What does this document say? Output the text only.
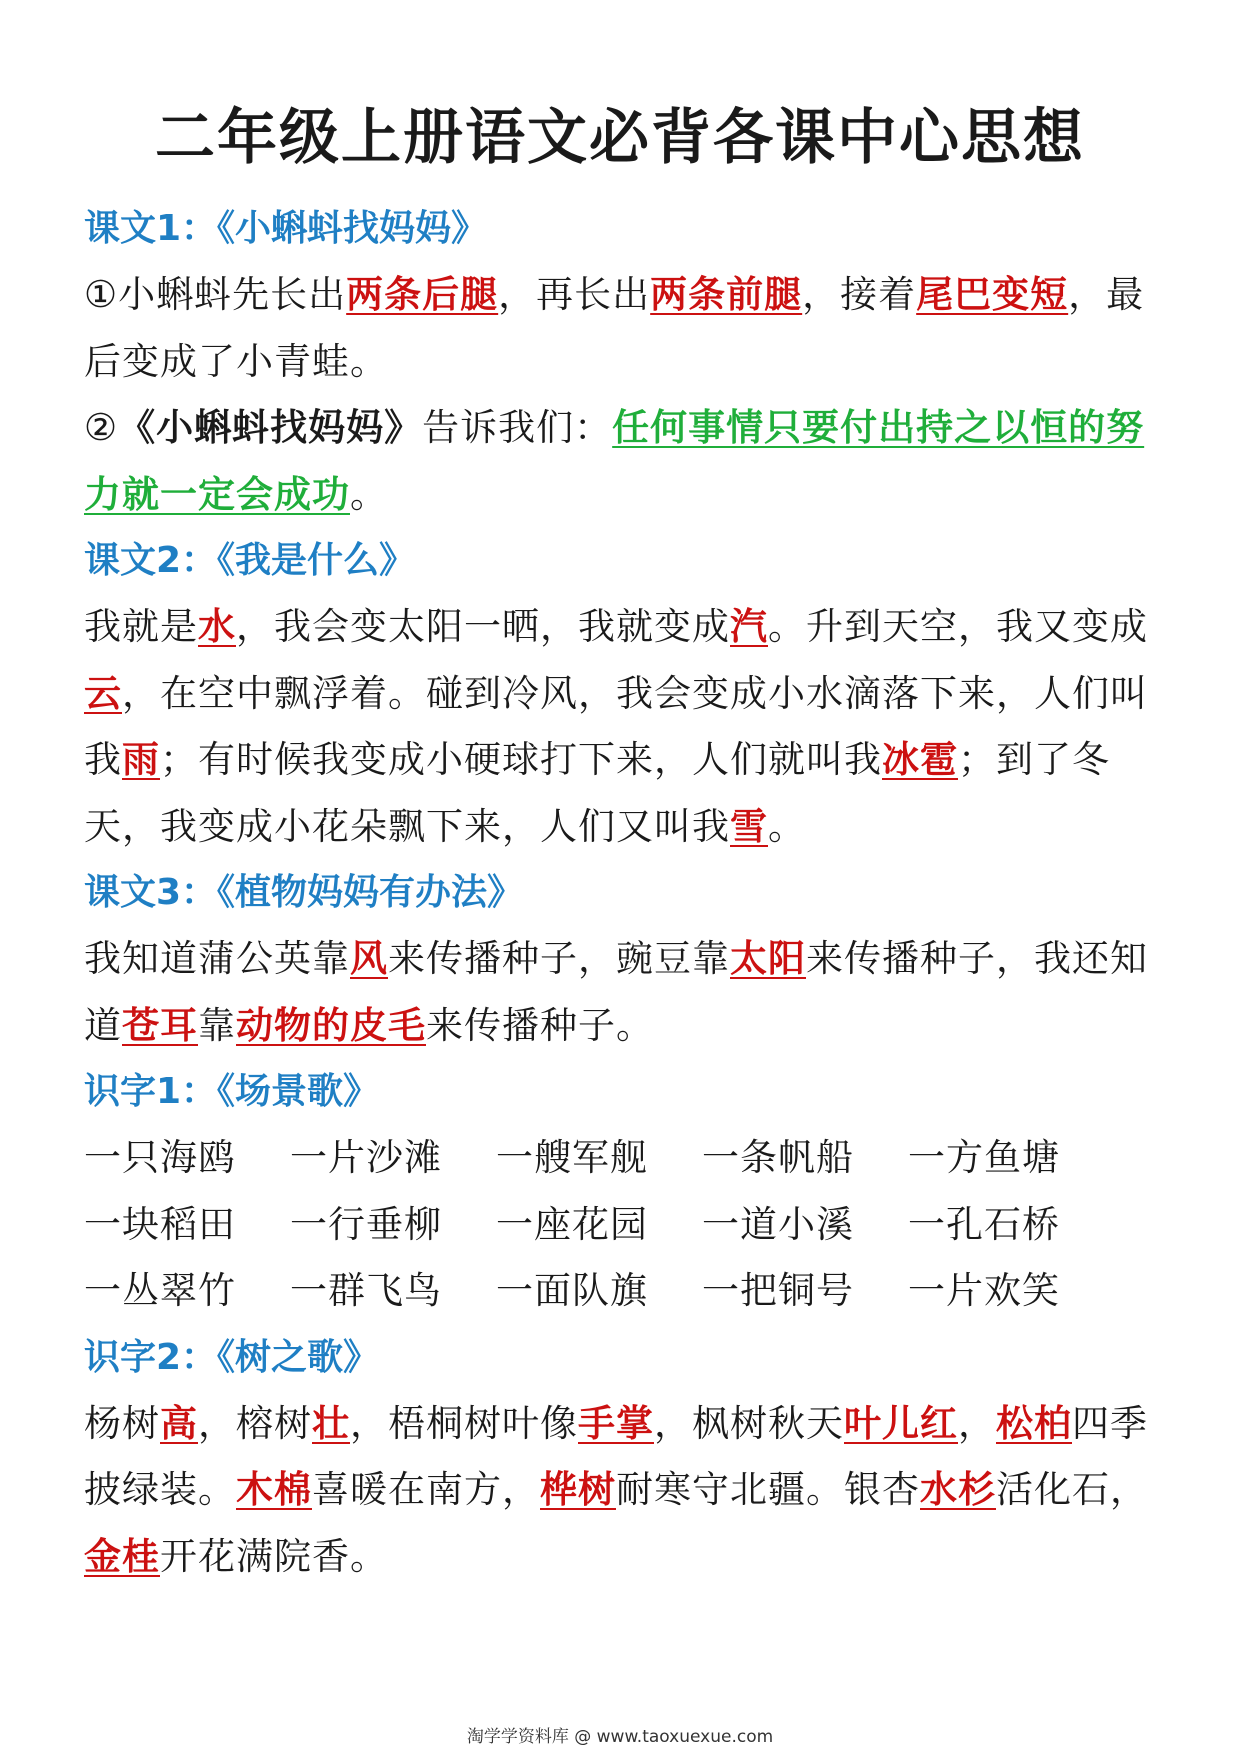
二年级上册语文必背各课中心思想
课文1：《小蝌蚪找妈妈》
①小蝌蚪先长出两条后腿，再长出两条前腿，接着尾巴变短，最后变成了小青蛙。
②《小蝌蚪找妈妈》告诉我们：任何事情只要付出持之以恒的努力就一定会成功。
课文2：《我是什么》
我就是水，我会变太阳一晒，我就变成汽。升到天空，我又变成云，在空中飘浮着。碰到冷风，我会变成小水滴落下来，人们叫我雨；有时候我变成小硬球打下来，人们就叫我冰雹；到了冬天，我变成小花朵飘下来，人们又叫我雪。
课文3：《植物妈妈有办法》
我知道蒲公英靠风来传播种子，豌豆靠太阳来传播种子，我还知道苍耳靠动物的皮毛来传播种子。
识字1：《场景歌》
一只海鸥	一片沙滩	一艘军舰	一条帆船	一方鱼塘
一块稻田	一行垂柳	一座花园	一道小溪	一孔石桥
一丛翠竹	一群飞鸟	一面队旗	一把铜号	一片欢笑
识字2：《树之歌》
杨树高，榕树壮，梧桐树叶像手掌，枫树秋天叶儿红，松柏四季披绿装。木棉喜暖在南方，桦树耐寒守北疆。银杏水杉活化石，金桂开花满院香。
淘学学资料库 @ www.taoxuexue.com
